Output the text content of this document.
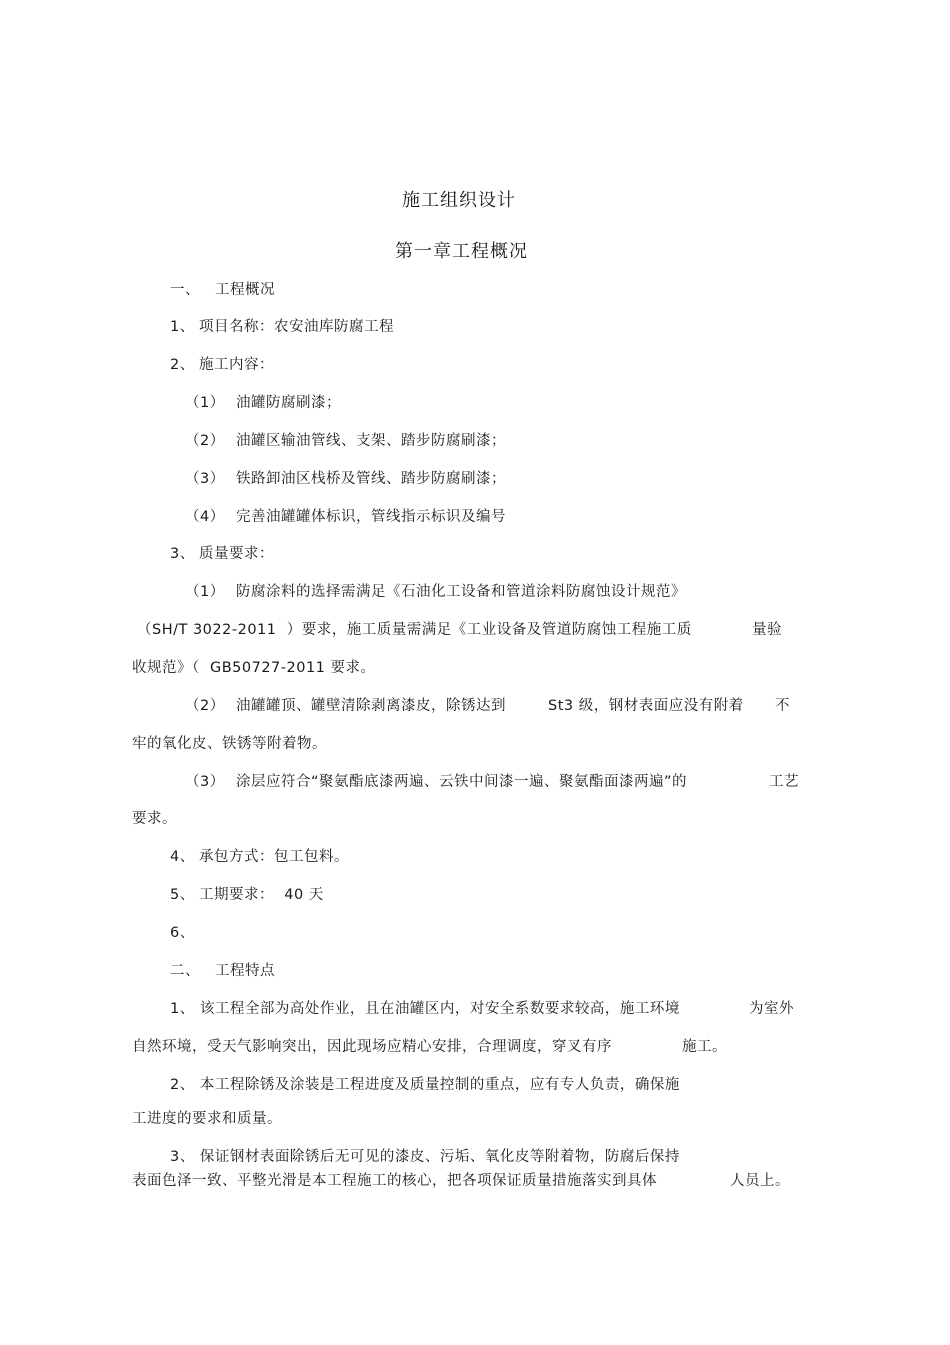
施工组织设计
第一章工程概况
一、 工程概况
1、 项目名称：农安油库防腐工程
2、 施工内容：
（1） 油罐防腐刷漆；
（2） 油罐区输油管线、支架、踏步防腐刷漆；
（3） 铁路卸油区栈桥及管线、踏步防腐刷漆；
（4） 完善油罐罐体标识，管线指示标识及编号
3、 质量要求：
（1） 防腐涂料的选择需满足《石油化工设备和管道涂料防腐蚀设计规范》
（SH/T 3022-2011  ）要求，施工质量需满足《工业设备及管道防腐蚀工程施工质	量验
收规范》（  GB50727-2011 要求。
（2） 油罐罐顶、罐壁清除剥离漆皮，除锈达到	St3 级，钢材表面应没有附着 不
牢的氧化皮、铁锈等附着物。
（3） 涂层应符合“聚氨酯底漆两遍、云铁中间漆一遍、聚氨酯面漆两遍”的	工艺
要求。
4、 承包方式：包工包料。
5、 工期要求：  40 天
6、
二、 工程特点
1、 该工程全部为高处作业，且在油罐区内，对安全系数要求较高，施工环境	为室外
自然环境，受天气影响突出，因此现场应精心安排，合理调度，穿叉有序	施工。
2、 本工程除锈及涂装是工程进度及质量控制的重点，应有专人负责，确保施
工进度的要求和质量。
3、 保证钢材表面除锈后无可见的漆皮、污垢、氧化皮等附着物，防腐后保持
表面色泽一致、平整光滑是本工程施工的核心，把各项保证质量措施落实到具体	人员上。
